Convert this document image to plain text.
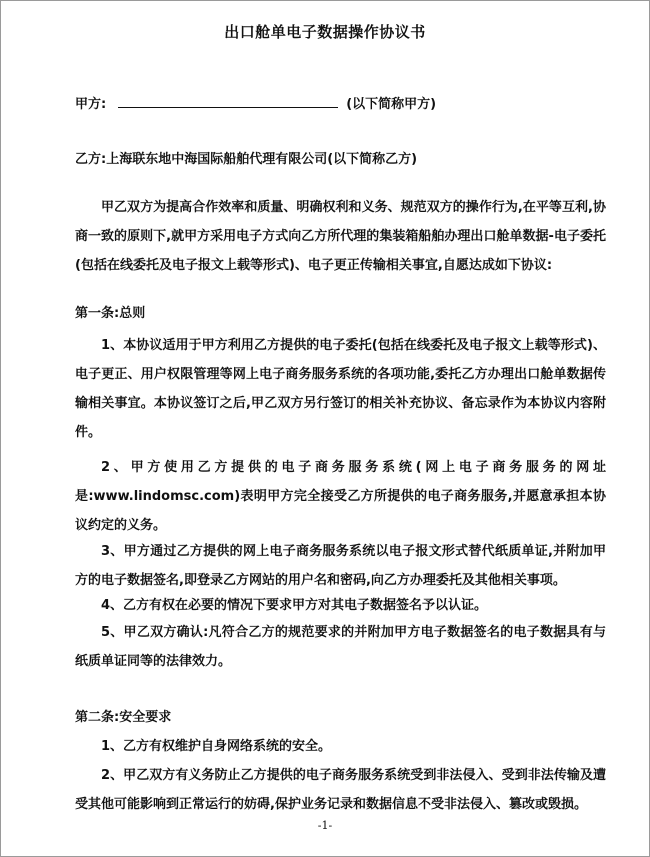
出口舱单电子数据操作协议书
甲方:	(以下简称甲方)
乙方:上海联东地中海国际船舶代理有限公司(以下简称乙方)

甲乙双方为提高合作效率和质量、明确权利和义务、规范双方的操作行为,在平等互利,协商一致的原则下,就甲方采用电子方式向乙方所代理的集装箱船舶办理出口舱单数据-电子委托(包括在线委托及电子报文上载等形式)、电子更正传输相关事宜,自愿达成如下协议:

第一条:总则

1、本协议适用于甲方利用乙方提供的电子委托(包括在线委托及电子报文上载等形式)、电子更正、用户权限管理等网上电子商务服务系统的各项功能,委托乙方办理出口舱单数据传输相关事宜。本协议签订之后,甲乙双方另行签订的相关补充协议、备忘录作为本协议内容附件。

2、甲方使用乙方提供的电子商务服务系统(网上电子商务服务的网址是:www.lindomsc.com)表明甲方完全接受乙方所提供的电子商务服务,并愿意承担本协议约定的义务。

3、甲方通过乙方提供的网上电子商务服务系统以电子报文形式替代纸质单证,并附加甲方的电子数据签名,即登录乙方网站的用户名和密码,向乙方办理委托及其他相关事项。

4、乙方有权在必要的情况下要求甲方对其电子数据签名予以认证。

5、甲乙双方确认:凡符合乙方的规范要求的并附加甲方电子数据签名的电子数据具有与纸质单证同等的法律效力。

第二条:安全要求

1、乙方有权维护自身网络系统的安全。

2、甲乙双方有义务防止乙方提供的电子商务服务系统受到非法侵入、受到非法传输及遭受其他可能影响到正常运行的妨碍,保护业务记录和数据信息不受非法侵入、篡改或毁损。

-1-
